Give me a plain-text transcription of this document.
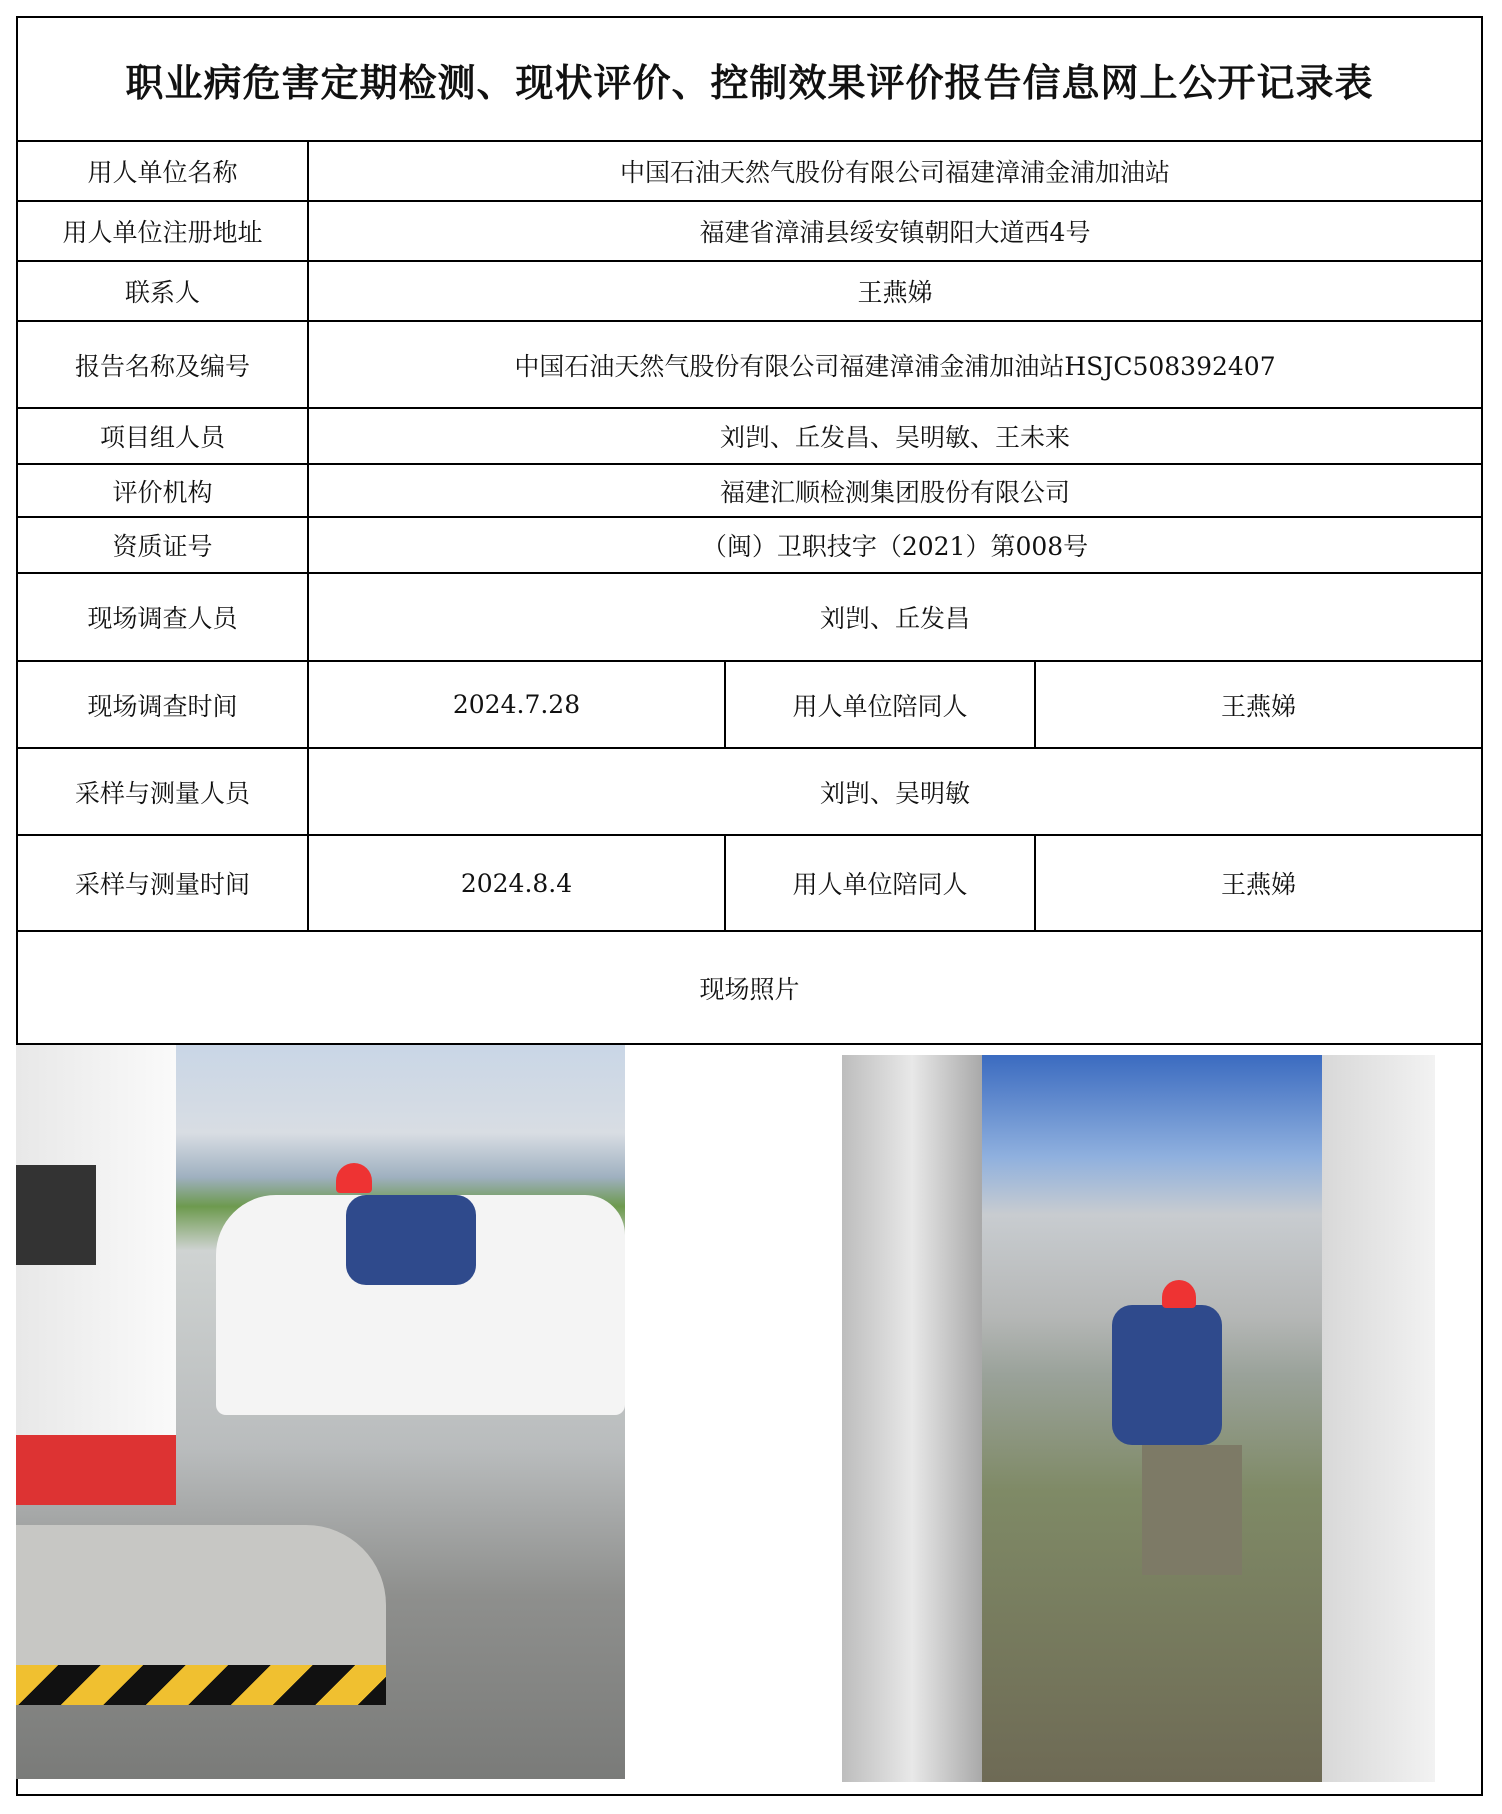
职业病危害定期检测、现状评价、控制效果评价报告信息网上公开记录表
用人单位名称	中国石油天然气股份有限公司福建漳浦金浦加油站
用人单位注册地址	福建省漳浦县绥安镇朝阳大道西4号
联系人	王燕娣
报告名称及编号	中国石油天然气股份有限公司福建漳浦金浦加油站HSJC508392407
项目组人员	刘剀、丘发昌、吴明敏、王未来
评价机构	福建汇顺检测集团股份有限公司
资质证号	（闽）卫职技字（2021）第008号
现场调查人员	刘剀、丘发昌
现场调查时间	2024.7.28	用人单位陪同人	王燕娣
采样与测量人员	刘剀、吴明敏
采样与测量时间	2024.8.4	用人单位陪同人	王燕娣
现场照片
